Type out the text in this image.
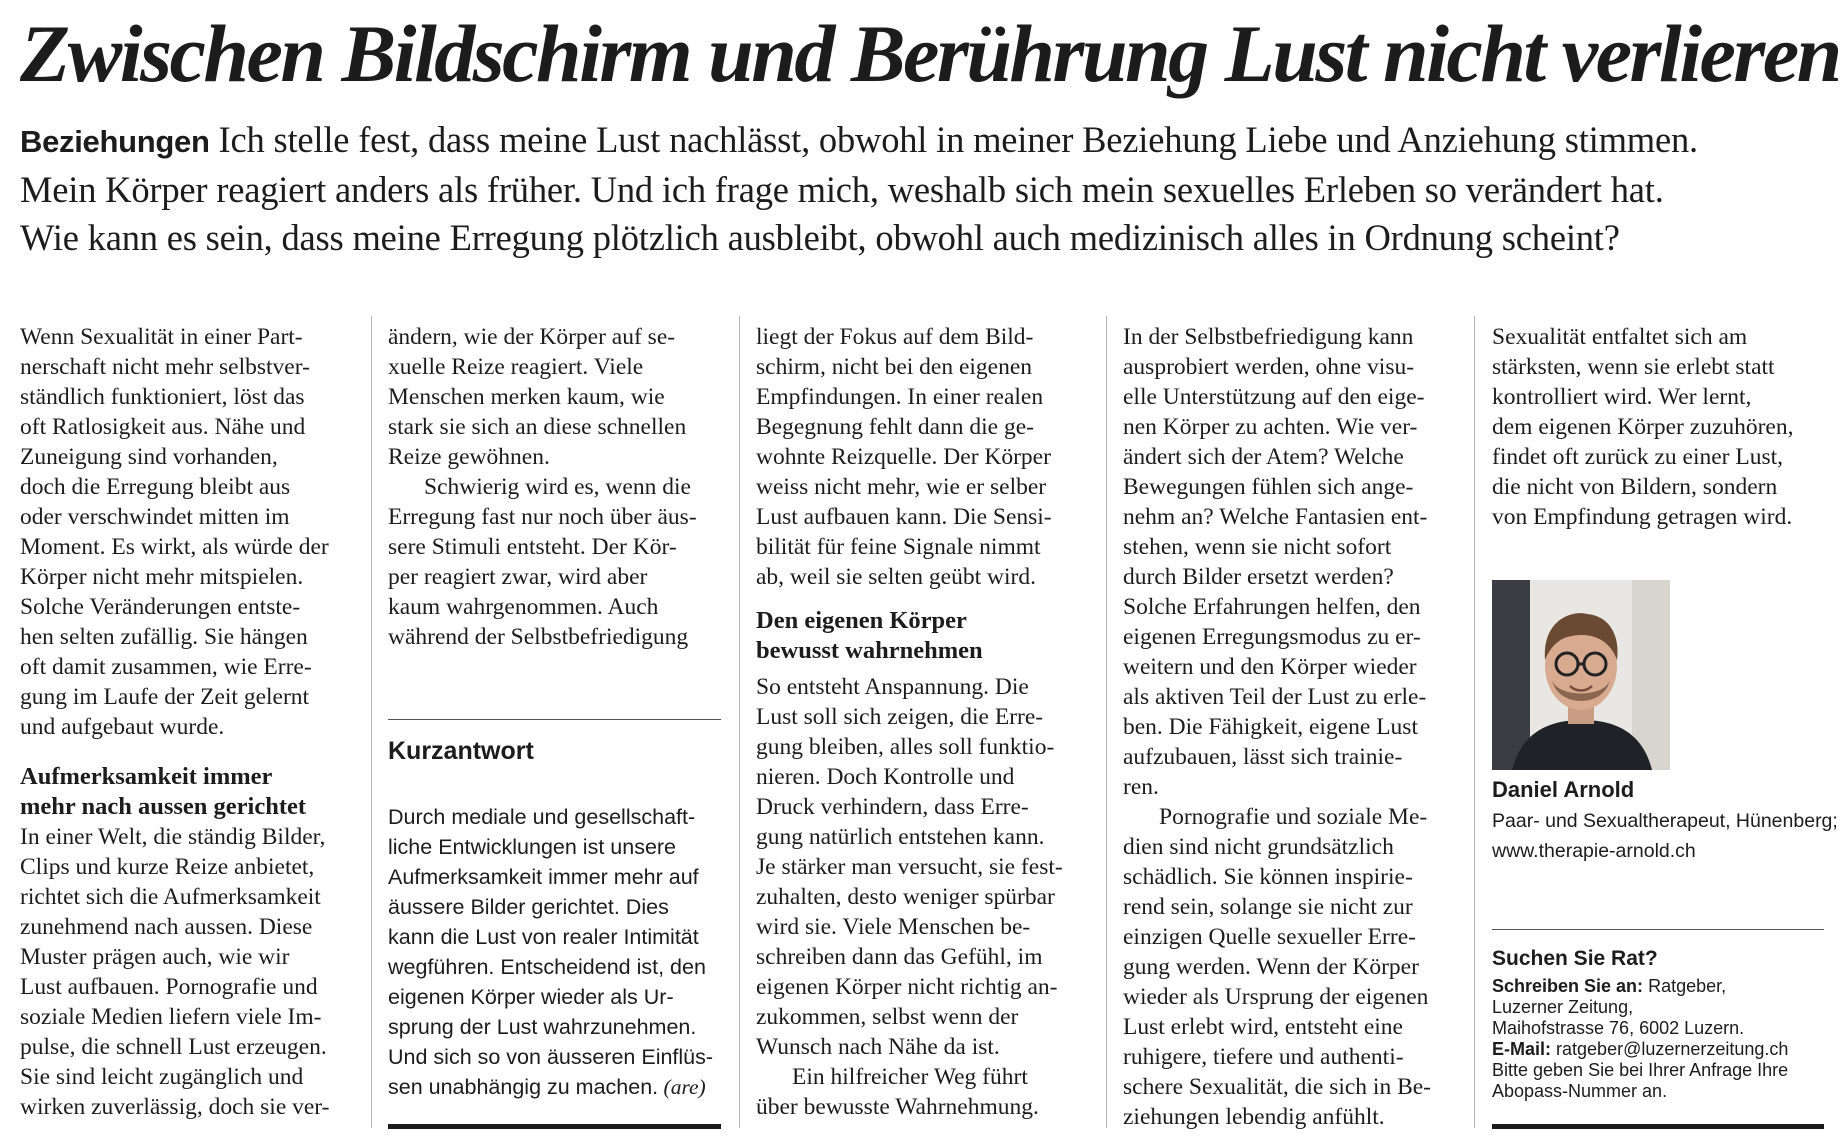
Zwischen Bildschirm und Berührung Lust nicht verlieren
Beziehungen Ich stelle fest, dass meine Lust nachlässt, obwohl in meiner Beziehung Liebe und Anziehung stimmen.
Mein Körper reagiert anders als früher. Und ich frage mich, weshalb sich mein sexuelles Erleben so verändert hat.
Wie kann es sein, dass meine Erregung plötzlich ausbleibt, obwohl auch medizinisch alles in Ordnung scheint?
Wenn Sexualität in einer Part-
nerschaft nicht mehr selbstver-
ständlich funktioniert, löst das
oft Ratlosigkeit aus. Nähe und
Zuneigung sind vorhanden,
doch die Erregung bleibt aus
oder verschwindet mitten im
Moment. Es wirkt, als würde der
Körper nicht mehr mitspielen.
Solche Veränderungen entste-
hen selten zufällig. Sie hängen
oft damit zusammen, wie Erre-
gung im Laufe der Zeit gelernt
und aufgebaut wurde.
Aufmerksamkeit immer
mehr nach aussen gerichtet
In einer Welt, die ständig Bilder,
Clips und kurze Reize anbietet,
richtet sich die Aufmerksamkeit
zunehmend nach aussen. Diese
Muster prägen auch, wie wir
Lust aufbauen. Pornografie und
soziale Medien liefern viele Im-
pulse, die schnell Lust erzeugen.
Sie sind leicht zugänglich und
wirken zuverlässig, doch sie ver-
ändern, wie der Körper auf se-
xuelle Reize reagiert. Viele
Menschen merken kaum, wie
stark sie sich an diese schnellen
Reize gewöhnen.
Schwierig wird es, wenn die
Erregung fast nur noch über äus-
sere Stimuli entsteht. Der Kör-
per reagiert zwar, wird aber
kaum wahrgenommen. Auch
während der Selbstbefriedigung
Kurzantwort
Durch mediale und gesellschaft-
liche Entwicklungen ist unsere
Aufmerksamkeit immer mehr auf
äussere Bilder gerichtet. Dies
kann die Lust von realer Intimität
wegführen. Entscheidend ist, den
eigenen Körper wieder als Ur-
sprung der Lust wahrzunehmen.
Und sich so von äusseren Einflüs-
sen unabhängig zu machen. (are)
liegt der Fokus auf dem Bild-
schirm, nicht bei den eigenen
Empfindungen. In einer realen
Begegnung fehlt dann die ge-
wohnte Reizquelle. Der Körper
weiss nicht mehr, wie er selber
Lust aufbauen kann. Die Sensi-
bilität für feine Signale nimmt
ab, weil sie selten geübt wird.
Den eigenen Körper
bewusst wahrnehmen
So entsteht Anspannung. Die
Lust soll sich zeigen, die Erre-
gung bleiben, alles soll funktio-
nieren. Doch Kontrolle und
Druck verhindern, dass Erre-
gung natürlich entstehen kann.
Je stärker man versucht, sie fest-
zuhalten, desto weniger spürbar
wird sie. Viele Menschen be-
schreiben dann das Gefühl, im
eigenen Körper nicht richtig an-
zukommen, selbst wenn der
Wunsch nach Nähe da ist.
Ein hilfreicher Weg führt
über bewusste Wahrnehmung.
In der Selbstbefriedigung kann
ausprobiert werden, ohne visu-
elle Unterstützung auf den eige-
nen Körper zu achten. Wie ver-
ändert sich der Atem? Welche
Bewegungen fühlen sich ange-
nehm an? Welche Fantasien ent-
stehen, wenn sie nicht sofort
durch Bilder ersetzt werden?
Solche Erfahrungen helfen, den
eigenen Erregungsmodus zu er-
weitern und den Körper wieder
als aktiven Teil der Lust zu erle-
ben. Die Fähigkeit, eigene Lust
aufzubauen, lässt sich trainie-
ren.
Pornografie und soziale Me-
dien sind nicht grundsätzlich
schädlich. Sie können inspirie-
rend sein, solange sie nicht zur
einzigen Quelle sexueller Erre-
gung werden. Wenn der Körper
wieder als Ursprung der eigenen
Lust erlebt wird, entsteht eine
ruhigere, tiefere und authenti-
schere Sexualität, die sich in Be-
ziehungen lebendig anfühlt.
Sexualität entfaltet sich am
stärksten, wenn sie erlebt statt
kontrolliert wird. Wer lernt,
dem eigenen Körper zuzuhören,
findet oft zurück zu einer Lust,
die nicht von Bildern, sondern
von Empfindung getragen wird.
Daniel Arnold
Paar- und Sexualtherapeut, Hünenberg;
www.therapie-arnold.ch
Suchen Sie Rat?
Schreiben Sie an: Ratgeber,
Luzerner Zeitung,
Maihofstrasse 76, 6002 Luzern.
E-Mail: ratgeber@luzernerzeitung.ch
Bitte geben Sie bei Ihrer Anfrage Ihre
Abopass-Nummer an.
